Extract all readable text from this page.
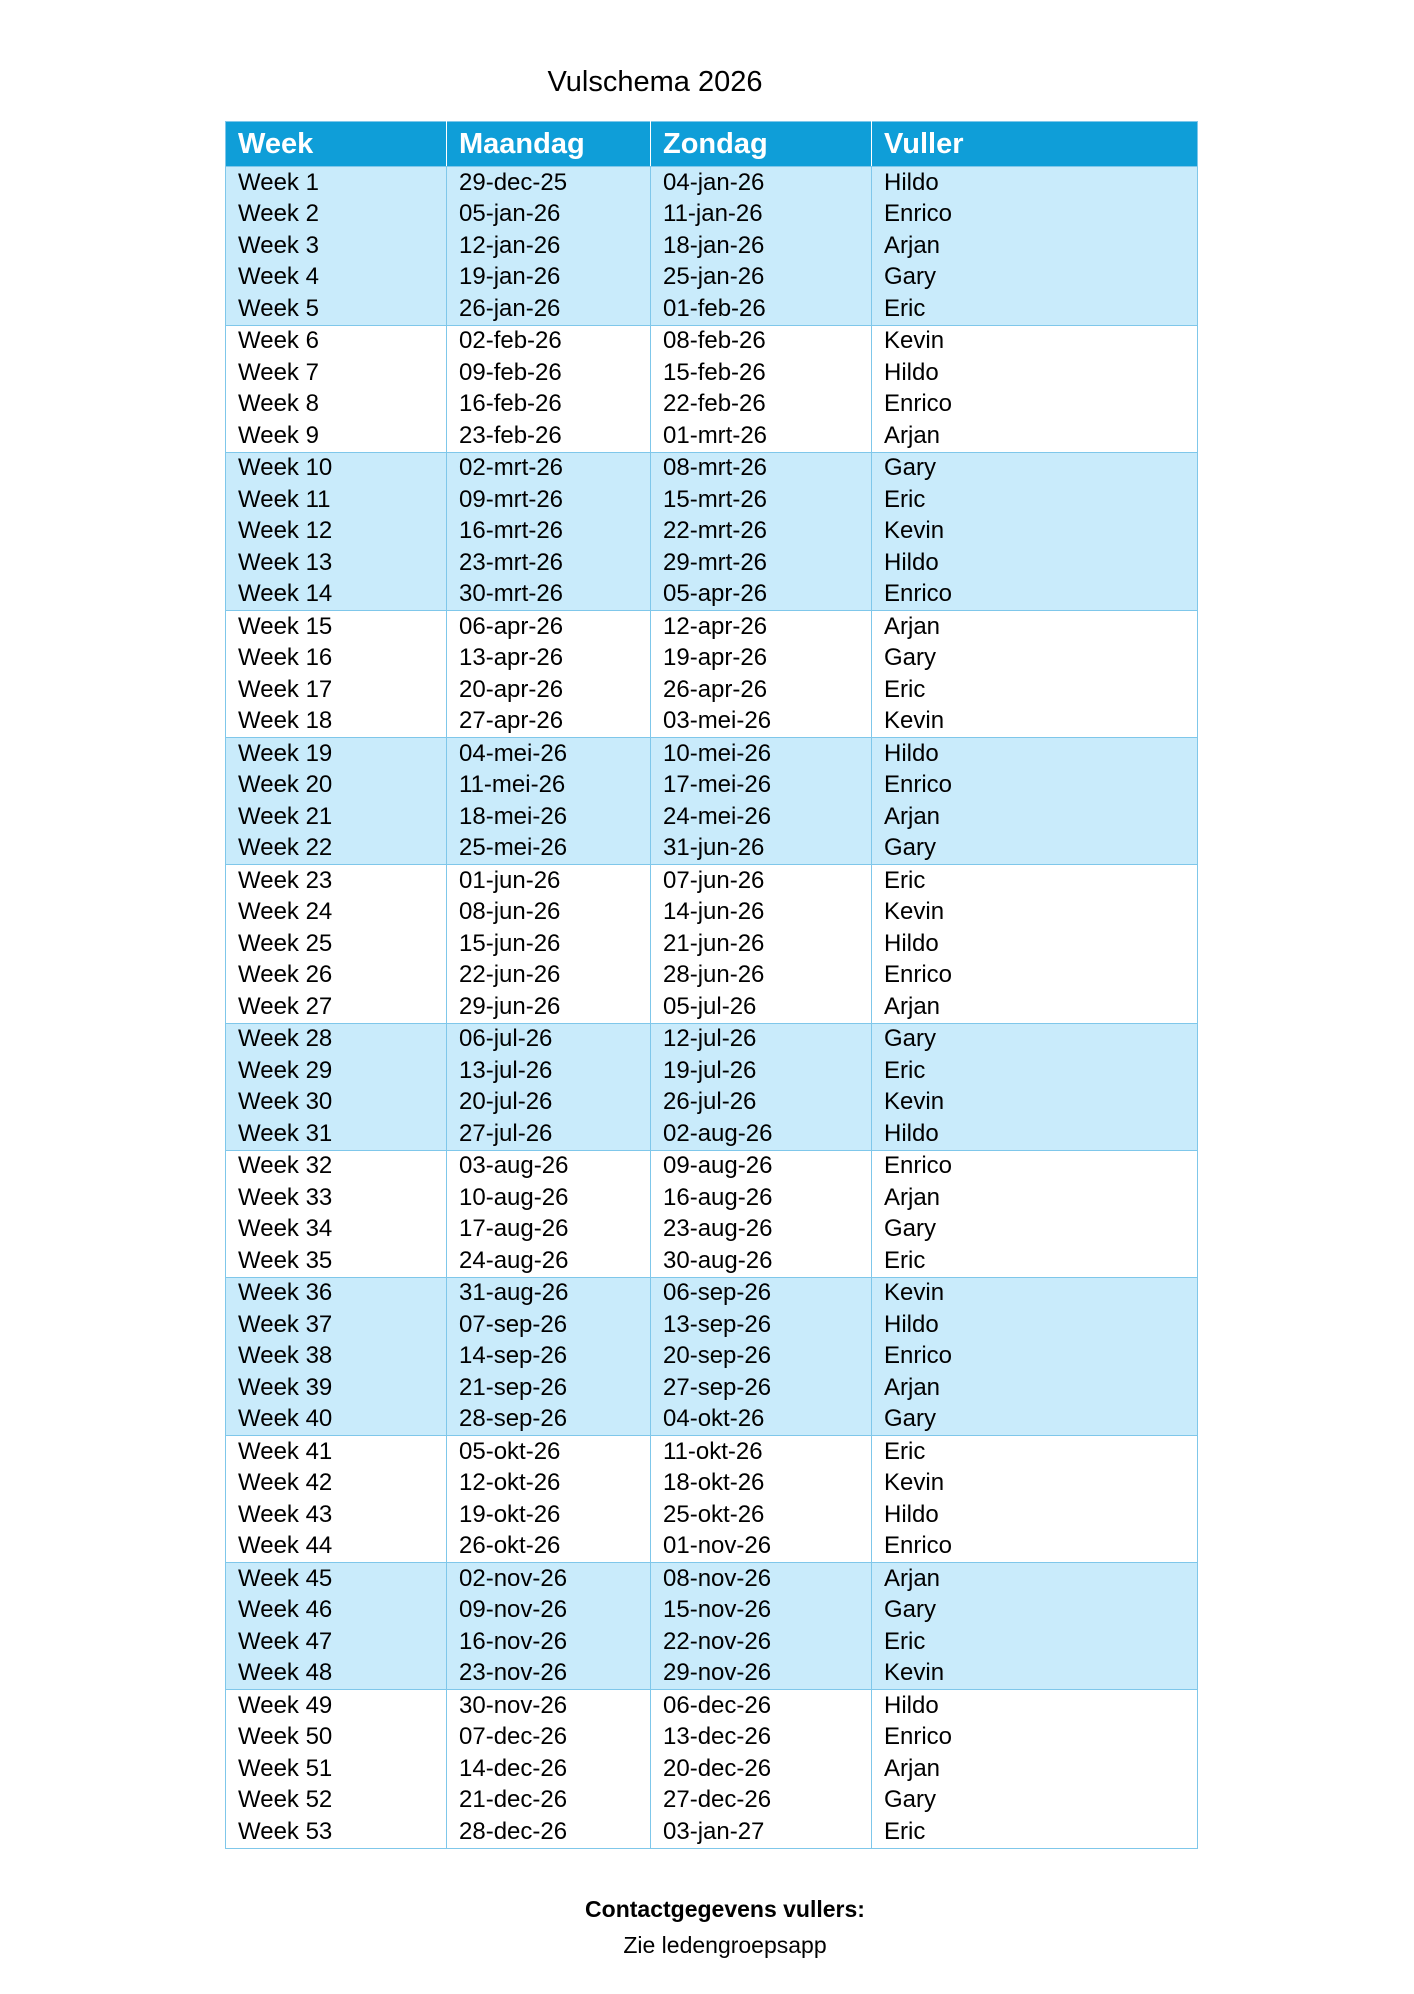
Vulschema 2026
Week	Maandag	Zondag	Vuller
Week 1	29-dec-25	04-jan-26	Hildo
Week 2	05-jan-26	11-jan-26	Enrico
Week 3	12-jan-26	18-jan-26	Arjan
Week 4	19-jan-26	25-jan-26	Gary
Week 5	26-jan-26	01-feb-26	Eric
Week 6	02-feb-26	08-feb-26	Kevin
Week 7	09-feb-26	15-feb-26	Hildo
Week 8	16-feb-26	22-feb-26	Enrico
Week 9	23-feb-26	01-mrt-26	Arjan
Week 10	02-mrt-26	08-mrt-26	Gary
Week 11	09-mrt-26	15-mrt-26	Eric
Week 12	16-mrt-26	22-mrt-26	Kevin
Week 13	23-mrt-26	29-mrt-26	Hildo
Week 14	30-mrt-26	05-apr-26	Enrico
Week 15	06-apr-26	12-apr-26	Arjan
Week 16	13-apr-26	19-apr-26	Gary
Week 17	20-apr-26	26-apr-26	Eric
Week 18	27-apr-26	03-mei-26	Kevin
Week 19	04-mei-26	10-mei-26	Hildo
Week 20	11-mei-26	17-mei-26	Enrico
Week 21	18-mei-26	24-mei-26	Arjan
Week 22	25-mei-26	31-jun-26	Gary
Week 23	01-jun-26	07-jun-26	Eric
Week 24	08-jun-26	14-jun-26	Kevin
Week 25	15-jun-26	21-jun-26	Hildo
Week 26	22-jun-26	28-jun-26	Enrico
Week 27	29-jun-26	05-jul-26	Arjan
Week 28	06-jul-26	12-jul-26	Gary
Week 29	13-jul-26	19-jul-26	Eric
Week 30	20-jul-26	26-jul-26	Kevin
Week 31	27-jul-26	02-aug-26	Hildo
Week 32	03-aug-26	09-aug-26	Enrico
Week 33	10-aug-26	16-aug-26	Arjan
Week 34	17-aug-26	23-aug-26	Gary
Week 35	24-aug-26	30-aug-26	Eric
Week 36	31-aug-26	06-sep-26	Kevin
Week 37	07-sep-26	13-sep-26	Hildo
Week 38	14-sep-26	20-sep-26	Enrico
Week 39	21-sep-26	27-sep-26	Arjan
Week 40	28-sep-26	04-okt-26	Gary
Week 41	05-okt-26	11-okt-26	Eric
Week 42	12-okt-26	18-okt-26	Kevin
Week 43	19-okt-26	25-okt-26	Hildo
Week 44	26-okt-26	01-nov-26	Enrico
Week 45	02-nov-26	08-nov-26	Arjan
Week 46	09-nov-26	15-nov-26	Gary
Week 47	16-nov-26	22-nov-26	Eric
Week 48	23-nov-26	29-nov-26	Kevin
Week 49	30-nov-26	06-dec-26	Hildo
Week 50	07-dec-26	13-dec-26	Enrico
Week 51	14-dec-26	20-dec-26	Arjan
Week 52	21-dec-26	27-dec-26	Gary
Week 53	28-dec-26	03-jan-27	Eric
Contactgegevens vullers:
Zie ledengroepsapp
